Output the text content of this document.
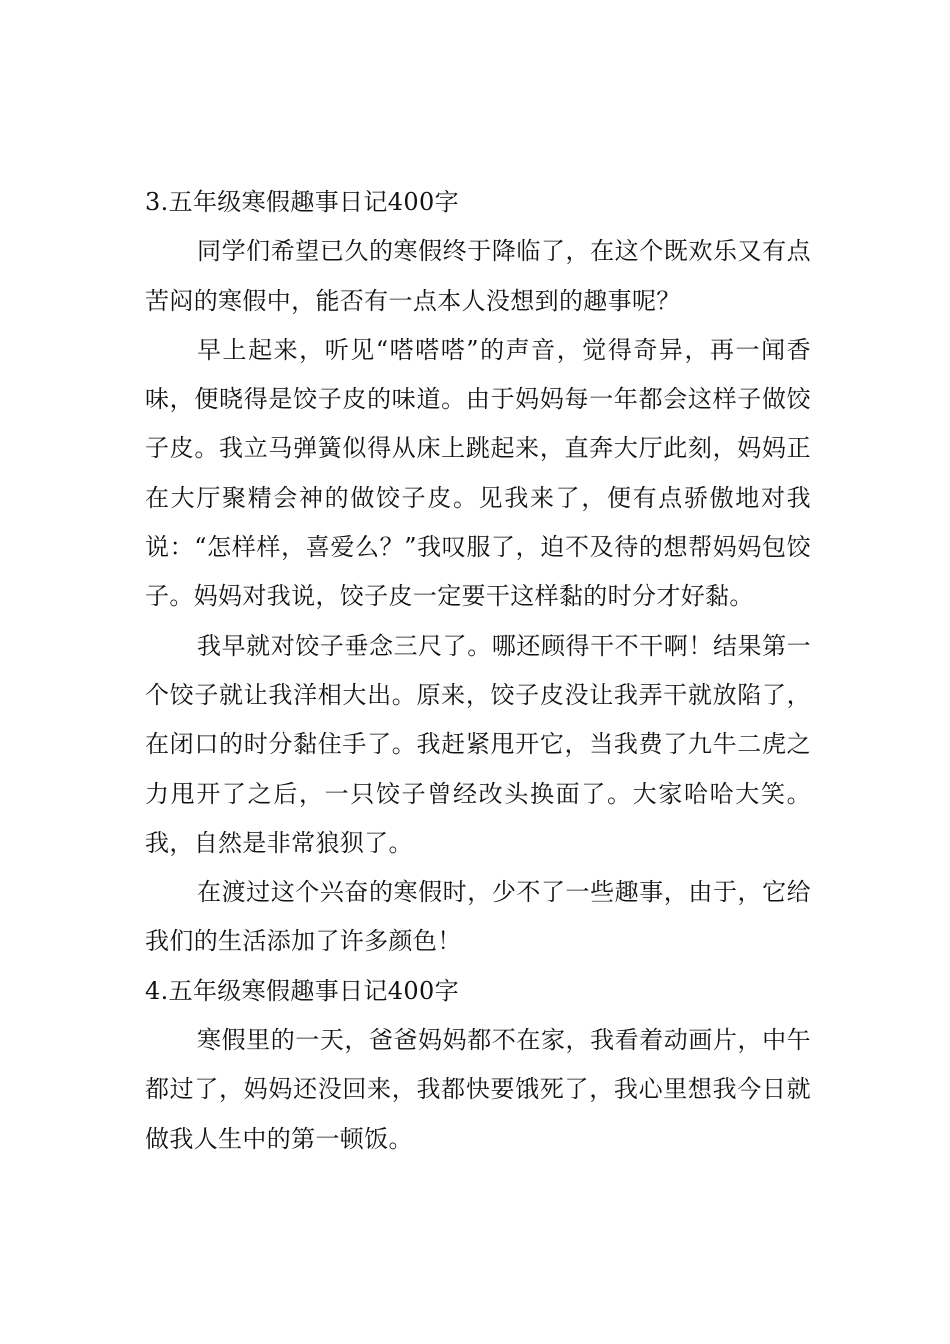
3.五年级寒假趣事日记400字
同学们希望已久的寒假终于降临了，在这个既欢乐又有点苦闷的寒假中，能否有一点本人没想到的趣事呢？
早上起来，听见“嗒嗒嗒”的声音，觉得奇异，再一闻香味，便晓得是饺子皮的味道。由于妈妈每一年都会这样子做饺子皮。我立马弹簧似得从床上跳起来，直奔大厅此刻，妈妈正在大厅聚精会神的做饺子皮。见我来了，便有点骄傲地对我说：“怎样样，喜爱么？”我叹服了，迫不及待的想帮妈妈包饺子。妈妈对我说，饺子皮一定要干这样黏的时分才好黏。
我早就对饺子垂念三尺了。哪还顾得干不干啊！结果第一个饺子就让我洋相大出。原来，饺子皮没让我弄干就放陷了，在闭口的时分黏住手了。我赶紧甩开它，当我费了九牛二虎之力甩开了之后，一只饺子曾经改头换面了。大家哈哈大笑。我，自然是非常狼狈了。
在渡过这个兴奋的寒假时，少不了一些趣事，由于，它给我们的生活添加了许多颜色！
4.五年级寒假趣事日记400字
寒假里的一天，爸爸妈妈都不在家，我看着动画片，中午都过了，妈妈还没回来，我都快要饿死了，我心里想我今日就做我人生中的第一顿饭。
